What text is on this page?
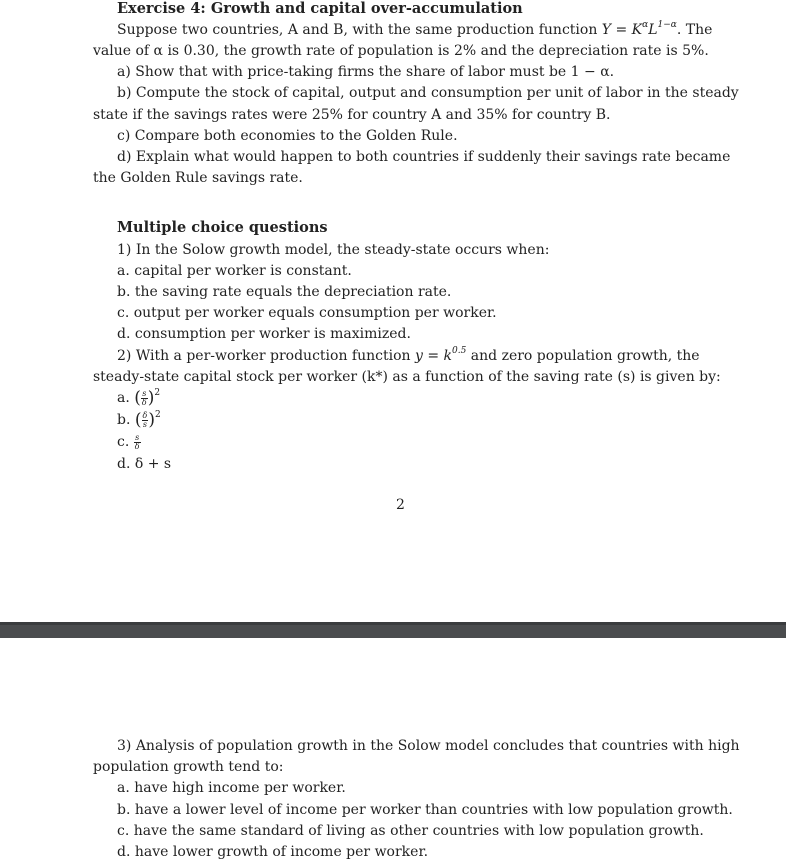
Exercise 4: Growth and capital over-accumulation
Suppose two countries, A and B, with the same production function $Y = K^\alpha L^{1-\alpha}$. The
value of α is 0.30, the growth rate of population is 2% and the depreciation rate is 5%.
a) Show that with price-taking firms the share of labor must be 1 − α.
b) Compute the stock of capital, output and consumption per unit of labor in the steady
state if the savings rates were 25% for country A and 35% for country B.
c) Compare both economies to the Golden Rule.
d) Explain what would happen to both countries if suddenly their savings rate became
the Golden Rule savings rate.
Multiple choice questions
1) In the Solow growth model, the steady-state occurs when:
a. capital per worker is constant.
b. the saving rate equals the depreciation rate.
c. output per worker equals consumption per worker.
d. consumption per worker is maximized.
2) With a per-worker production function $y = k^{0.5}$ and zero population growth, the
steady-state capital stock per worker (k*) as a function of the saving rate (s) is given by:
a. ( $\frac{s}{\delta} )^2$
b. ( $\frac{\delta}{s} )^2$
c. $\frac{s}{\delta}$
d. δ + s
2
3) Analysis of population growth in the Solow model concludes that countries with high
population growth tend to:
a. have high income per worker.
b. have a lower level of income per worker than countries with low population growth.
c. have the same standard of living as other countries with low population growth.
d. have lower growth of income per worker.
